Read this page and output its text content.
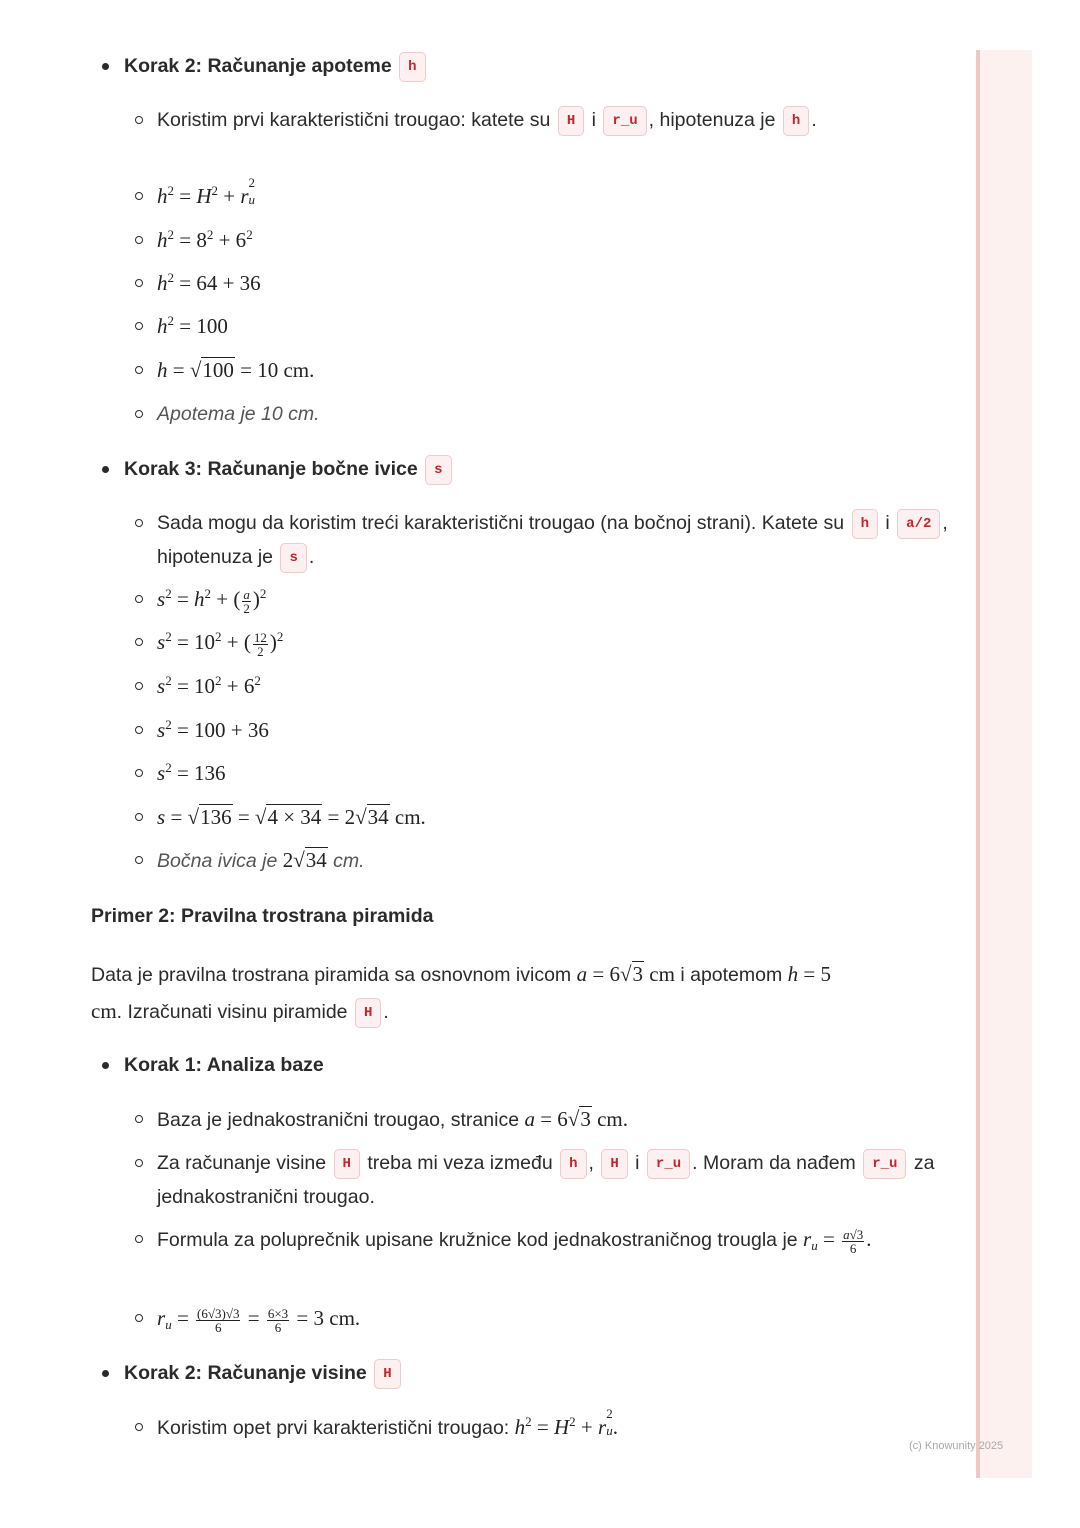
Korak 2: Računanje apoteme h
Koristim prvi karakteristični trougao: katete su H i r_u , hipotenuza je h .
$h^2 = H^2 + r^2$
u
$h^2 = 8^2 + 6^2$
$h^2 = 64 + 36$
$h^2 = 100$
h = √100 = 10 cm.
Apotema je 10 cm.
Korak 3: Računanje bočne ivice s
Sada mogu da koristim treći karakteristični trougao (na bočnoj strani). Katete su h i a/2 , hipotenuza je s .
$s^2 = h^2$ + ( $\frac{a}{2} )^2$
$s^2 = 10^2$ + ( $\frac{12}{2} )^2$
$s^2 = 10^2 + 6^2$
$s^2 = 100 + 36$
$s^2 = 136$
s = √136 = √4 × 34 = 2√34 cm.
Bočna ivica je 2√34 cm.
Primer 2: Pravilna trostrana piramida
Data je pravilna trostrana piramida sa osnovnom ivicom a = 6√3 cm i apotemom h = 5 cm. Izračunati visinu piramide H .
Korak 1: Analiza baze
Baza je jednakostranični trougao, stranice a = 6√3 cm.
Za računanje visine H treba mi veza između h , H i r_u . Moram da nađem r_u za jednakostranični trougao.
Formula za poluprečnik upisane kružnice kod jednakostraničnog trougla je $r_u = \frac{a√3}{6}$ .
$r_u = \frac{(6√3)√3}{6} = \frac{6\times 3}{6} = 3$ cm.
Korak 2: Računanje visine H
Koristim opet prvi karakteristični trougao: $h^2 = H^2 + r^2$
u .
(c) Knowunity 2025
